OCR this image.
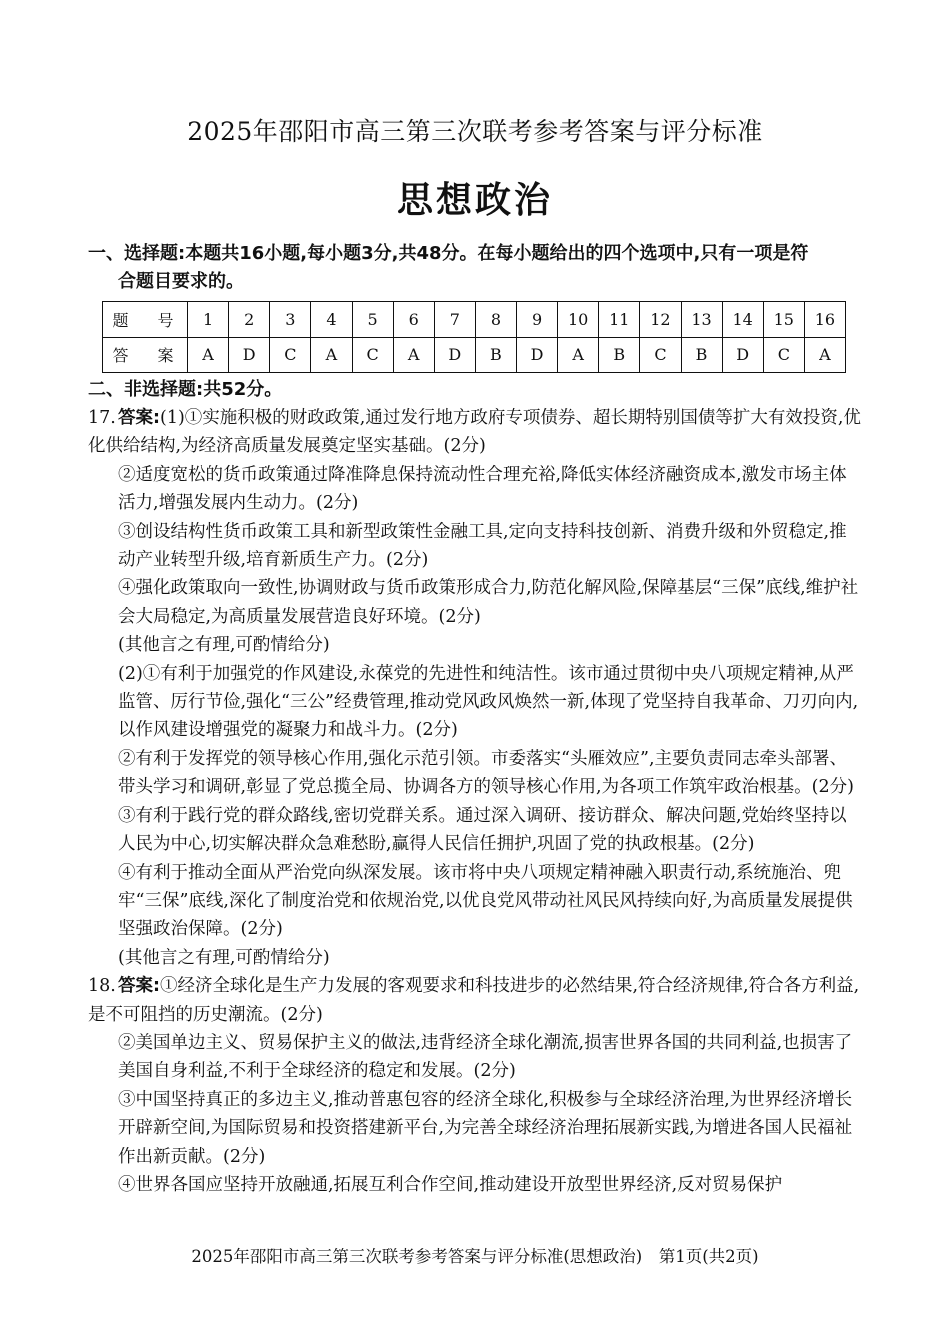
2025年邵阳市高三第三次联考参考答案与评分标准
思想政治
一、选择题:本题共16小题,每小题3分,共48分。在每小题给出的四个选项中,只有一项是符
合题目要求的。
题 号	1	2	3	4	5	6	7	8	9	10	11	12	13	14	15	16
答 案	A	D	C	A	C	A	D	B	D	A	B	C	B	D	C	A
二、非选择题:共52分。
17. 答案:(1)①实施积极的财政政策,通过发行地方政府专项债券、超长期特别国债等扩大有效投资,优化供给结构,为经济高质量发展奠定坚实基础。(2分)
②适度宽松的货币政策通过降准降息保持流动性合理充裕,降低实体经济融资成本,激发市场主体活力,增强发展内生动力。(2分)
③创设结构性货币政策工具和新型政策性金融工具,定向支持科技创新、消费升级和外贸稳定,推动产业转型升级,培育新质生产力。(2分)
④强化政策取向一致性,协调财政与货币政策形成合力,防范化解风险,保障基层“三保”底线,维护社会大局稳定,为高质量发展营造良好环境。(2分)
(其他言之有理,可酌情给分)
(2)①有利于加强党的作风建设,永葆党的先进性和纯洁性。该市通过贯彻中央八项规定精神,从严监管、厉行节俭,强化“三公”经费管理,推动党风政风焕然一新,体现了党坚持自我革命、刀刃向内,以作风建设增强党的凝聚力和战斗力。(2分)
②有利于发挥党的领导核心作用,强化示范引领。市委落实“头雁效应”,主要负责同志牵头部署、带头学习和调研,彰显了党总揽全局、协调各方的领导核心作用,为各项工作筑牢政治根基。(2分)
③有利于践行党的群众路线,密切党群关系。通过深入调研、接访群众、解决问题,党始终坚持以人民为中心,切实解决群众急难愁盼,赢得人民信任拥护,巩固了党的执政根基。(2分)
④有利于推动全面从严治党向纵深发展。该市将中央八项规定精神融入职责行动,系统施治、兜牢“三保”底线,深化了制度治党和依规治党,以优良党风带动社风民风持续向好,为高质量发展提供坚强政治保障。(2分)
(其他言之有理,可酌情给分)
18. 答案:①经济全球化是生产力发展的客观要求和科技进步的必然结果,符合经济规律,符合各方利益,是不可阻挡的历史潮流。(2分)
②美国单边主义、贸易保护主义的做法,违背经济全球化潮流,损害世界各国的共同利益,也损害了美国自身利益,不利于全球经济的稳定和发展。(2分)
③中国坚持真正的多边主义,推动普惠包容的经济全球化,积极参与全球经济治理,为世界经济增长开辟新空间,为国际贸易和投资搭建新平台,为完善全球经济治理拓展新实践,为增进各国人民福祉作出新贡献。(2分)
④世界各国应坚持开放融通,拓展互利合作空间,推动建设开放型世界经济,反对贸易保护
2025年邵阳市高三第三次联考参考答案与评分标准(思想政治)　第1页(共2页)
